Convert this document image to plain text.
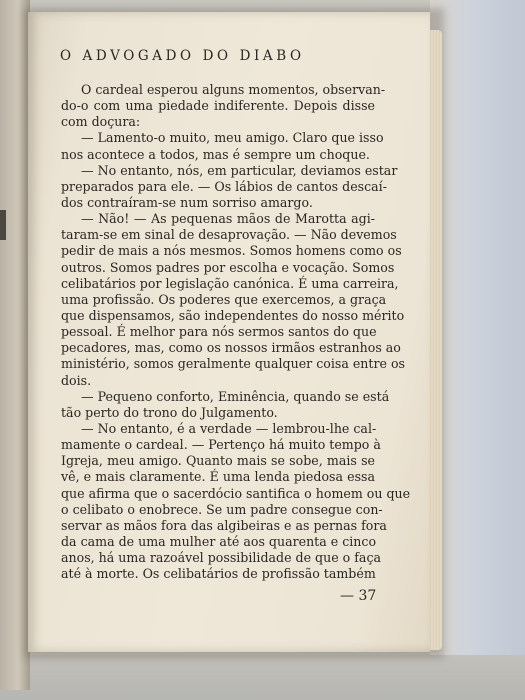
O ADVOGADO DO DIABO
O cardeal esperou alguns momentos, observan-
do-o com uma piedade indiferente. Depois disse
com doçura:
— Lamento-o muito, meu amigo. Claro que isso
nos acontece a todos, mas é sempre um choque.
— No entanto, nós, em particular, deviamos estar
preparados para ele. — Os lábios de cantos descaí-
dos contraíram-se num sorriso amargo.
— Não! — As pequenas mãos de Marotta agi-
taram-se em sinal de desaprovação. — Não devemos
pedir de mais a nós mesmos. Somos homens como os
outros. Somos padres por escolha e vocação. Somos
celibatários por legislação canónica. É uma carreira,
uma profissão. Os poderes que exercemos, a graça
que dispensamos, são independentes do nosso mérito
pessoal. É melhor para nós sermos santos do que
pecadores, mas, como os nossos irmãos estranhos ao
ministério, somos geralmente qualquer coisa entre os
dois.
— Pequeno conforto, Eminência, quando se está
tão perto do trono do Julgamento.
— No entanto, é a verdade — lembrou-lhe cal-
mamente o cardeal. — Pertenço há muito tempo à
Igreja, meu amigo. Quanto mais se sobe, mais se
vê, e mais claramente. É uma lenda piedosa essa
que afirma que o sacerdócio santifica o homem ou que
o celibato o enobrece. Se um padre consegue con-
servar as mãos fora das algibeiras e as pernas fora
da cama de uma mulher até aos quarenta e cinco
anos, há uma razoável possibilidade de que o faça
até à morte. Os celibatários de profissão também
— 37
